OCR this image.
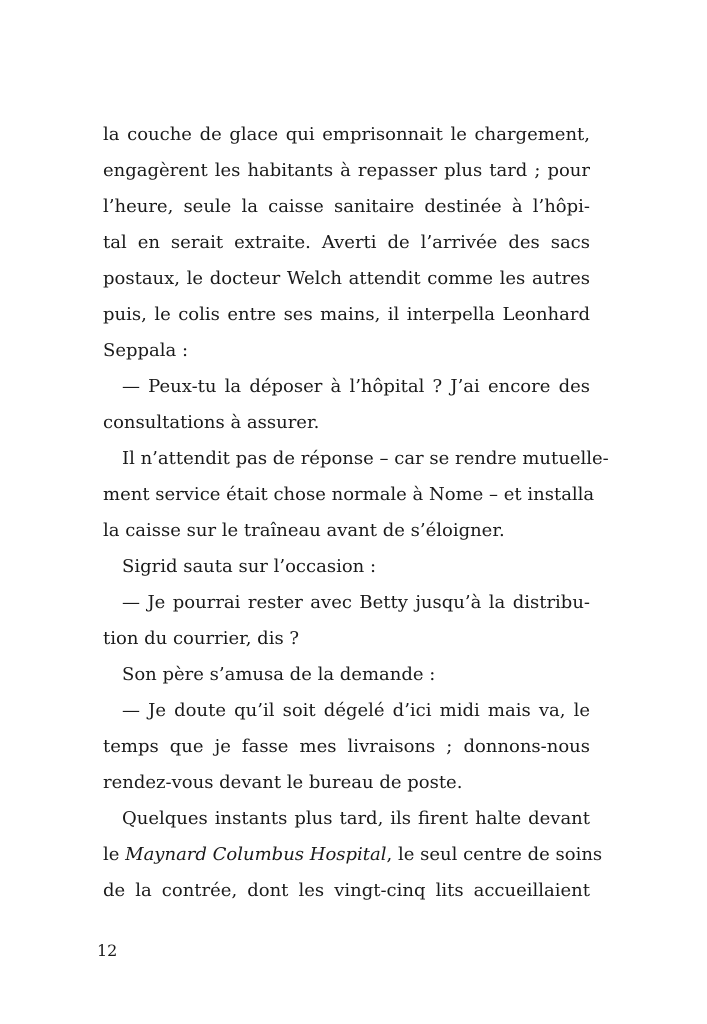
la couche de glace qui emprisonnait le chargement,
engagèrent les habitants à repasser plus tard ; pour
l’heure, seule la caisse sanitaire destinée à l’hôpi-
tal en serait extraite. Averti de l’arrivée des sacs
postaux, le docteur Welch attendit comme les autres
puis, le colis entre ses mains, il interpella Leonhard
Seppala :
— Peux-tu la déposer à l’hôpital ? J’ai encore des
consultations à assurer.
Il n’attendit pas de réponse – car se rendre mutuelle-
ment service était chose normale à Nome – et installa
la caisse sur le traîneau avant de s’éloigner.
Sigrid sauta sur l’occasion :
— Je pourrai rester avec Betty jusqu’à la distribu-
tion du courrier, dis ?
Son père s’amusa de la demande :
— Je doute qu’il soit dégelé d’ici midi mais va, le
temps que je fasse mes livraisons ; donnons-nous
rendez-vous devant le bureau de poste.
Quelques instants plus tard, ils firent halte devant
le Maynard Columbus Hospital, le seul centre de soins
de la contrée, dont les vingt-cinq lits accueillaient
12
